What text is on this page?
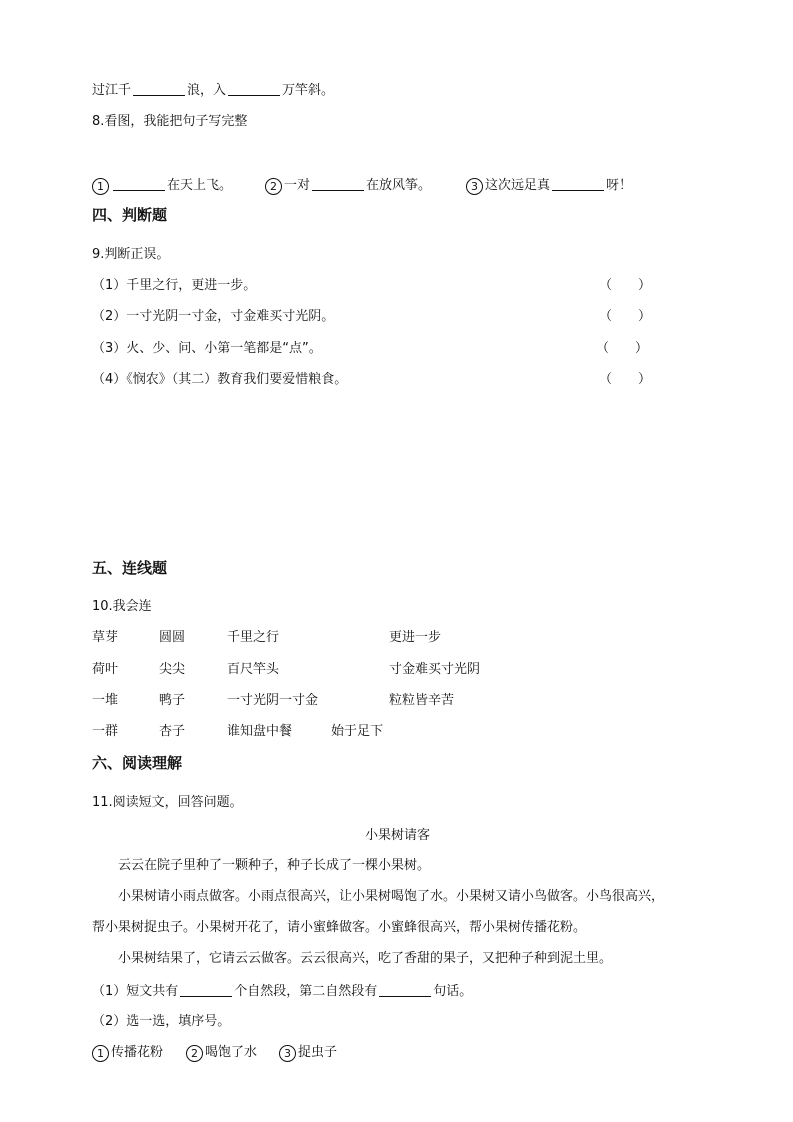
过江千	浪，入	万竿斜。
8.看图，我能把句子写完整
1	在天上飞。	2 一对	在放风筝。	3 这次远足真	呀！
四、判断题
9.判断正误。
（1）千里之行，更进一步。	（　　）
（2）一寸光阴一寸金，寸金难买寸光阴。	（　　）
（3）火、少、问、小第一笔都是“点”。	（　　）
（4）《悯农》（其二）教育我们要爱惜粮食。	（　　）
五、连线题
10.我会连
草芽	圆圆	千里之行	更进一步
荷叶	尖尖	百尺竿头	寸金难买寸光阴
一堆	鸭子	一寸光阴一寸金	粒粒皆辛苦
一群	杏子	谁知盘中餐	始于足下
六、阅读理解
11.阅读短文，回答问题。
小果树请客
云云在院子里种了一颗种子，种子长成了一棵小果树。
小果树请小雨点做客。小雨点很高兴，让小果树喝饱了水。小果树又请小鸟做客。小鸟很高兴，
帮小果树捉虫子。小果树开花了，请小蜜蜂做客。小蜜蜂很高兴，帮小果树传播花粉。
小果树结果了，它请云云做客。云云很高兴，吃了香甜的果子，又把种子种到泥土里。
（1）短文共有	个自然段，第二自然段有	句话。
（2）选一选，填序号。
1 传播花粉	2 喝饱了水	3 捉虫子
